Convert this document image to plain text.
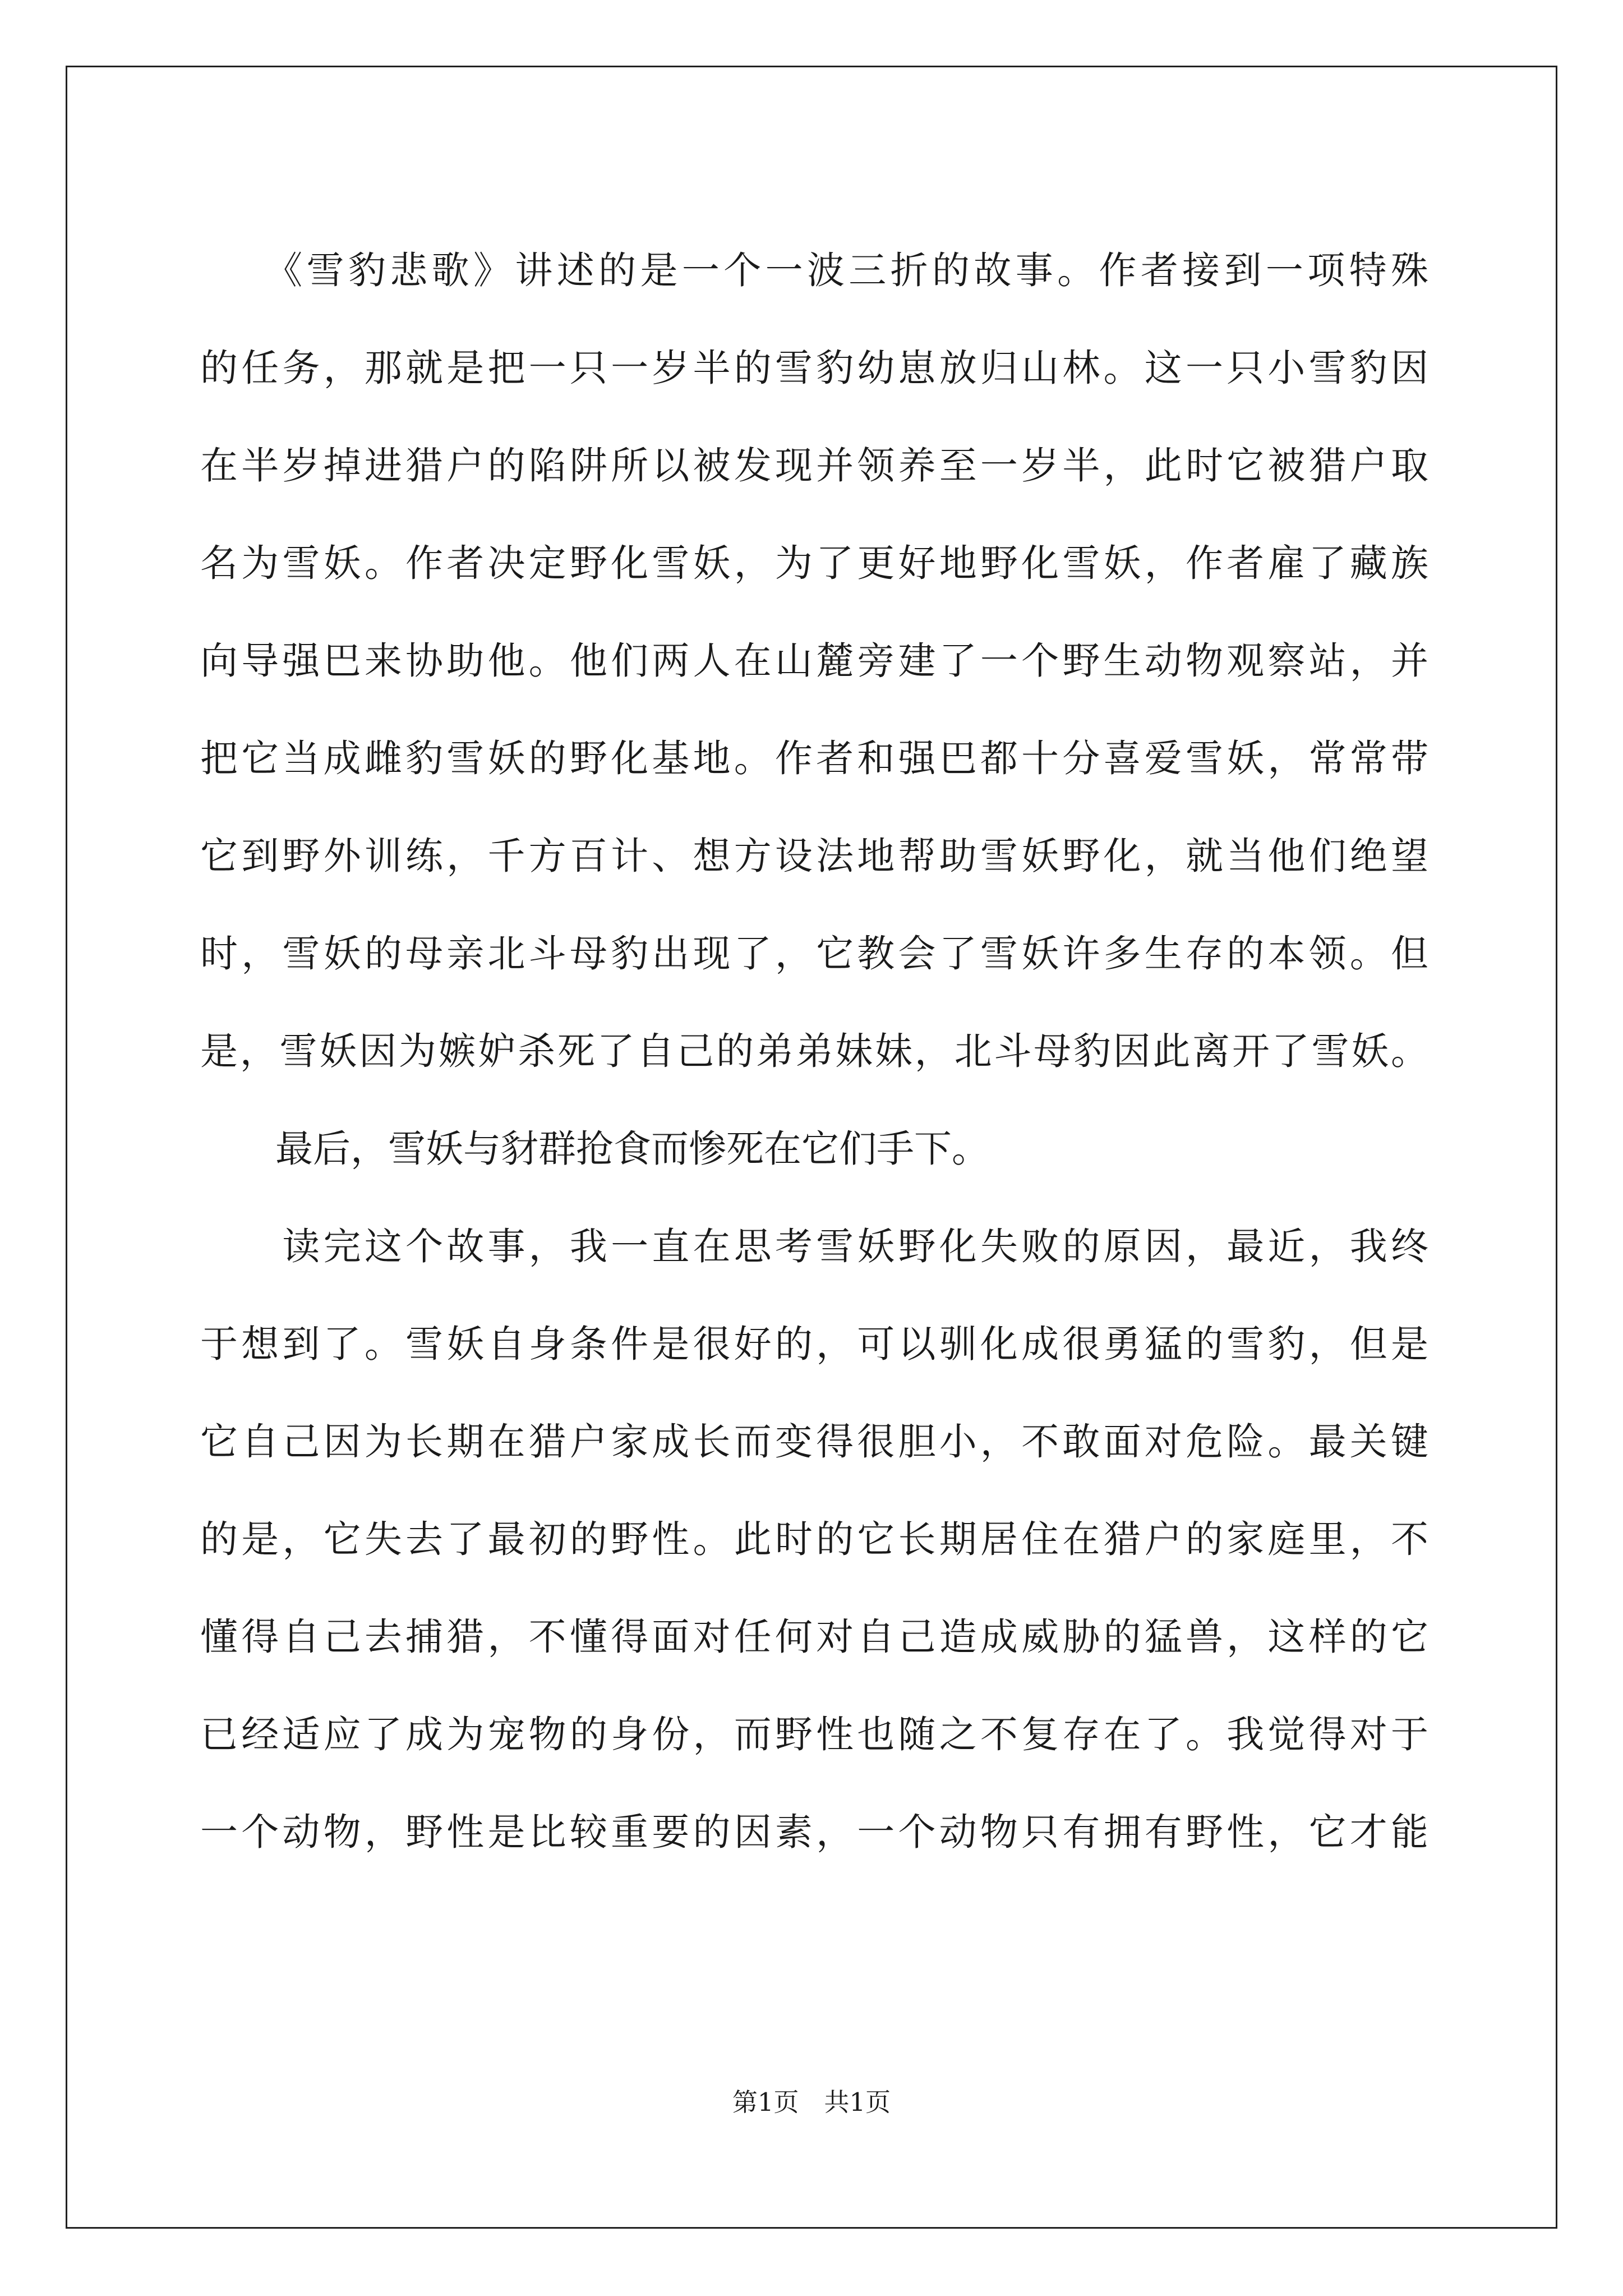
　　《雪豹悲歌》讲述的是一个一波三折的故事。作者接到一项特殊
的任务，那就是把一只一岁半的雪豹幼崽放归山林。这一只小雪豹因
在半岁掉进猎户的陷阱所以被发现并领养至一岁半，此时它被猎户取
名为雪妖。作者决定野化雪妖，为了更好地野化雪妖，作者雇了藏族
向导强巴来协助他。他们两人在山麓旁建了一个野生动物观察站，并
把它当成雌豹雪妖的野化基地。作者和强巴都十分喜爱雪妖，常常带
它到野外训练，千方百计、想方设法地帮助雪妖野化，就当他们绝望
时，雪妖的母亲北斗母豹出现了，它教会了雪妖许多生存的本领。但
是，雪妖因为嫉妒杀死了自己的弟弟妹妹，北斗母豹因此离开了雪妖。
　　最后，雪妖与豺群抢食而惨死在它们手下。
　　读完这个故事，我一直在思考雪妖野化失败的原因，最近，我终
于想到了。雪妖自身条件是很好的，可以驯化成很勇猛的雪豹，但是
它自己因为长期在猎户家成长而变得很胆小，不敢面对危险。最关键
的是，它失去了最初的野性。此时的它长期居住在猎户的家庭里，不
懂得自己去捕猎，不懂得面对任何对自己造成威胁的猛兽，这样的它
已经适应了成为宠物的身份，而野性也随之不复存在了。我觉得对于
一个动物，野性是比较重要的因素，一个动物只有拥有野性，它才能
第1页　共1页
